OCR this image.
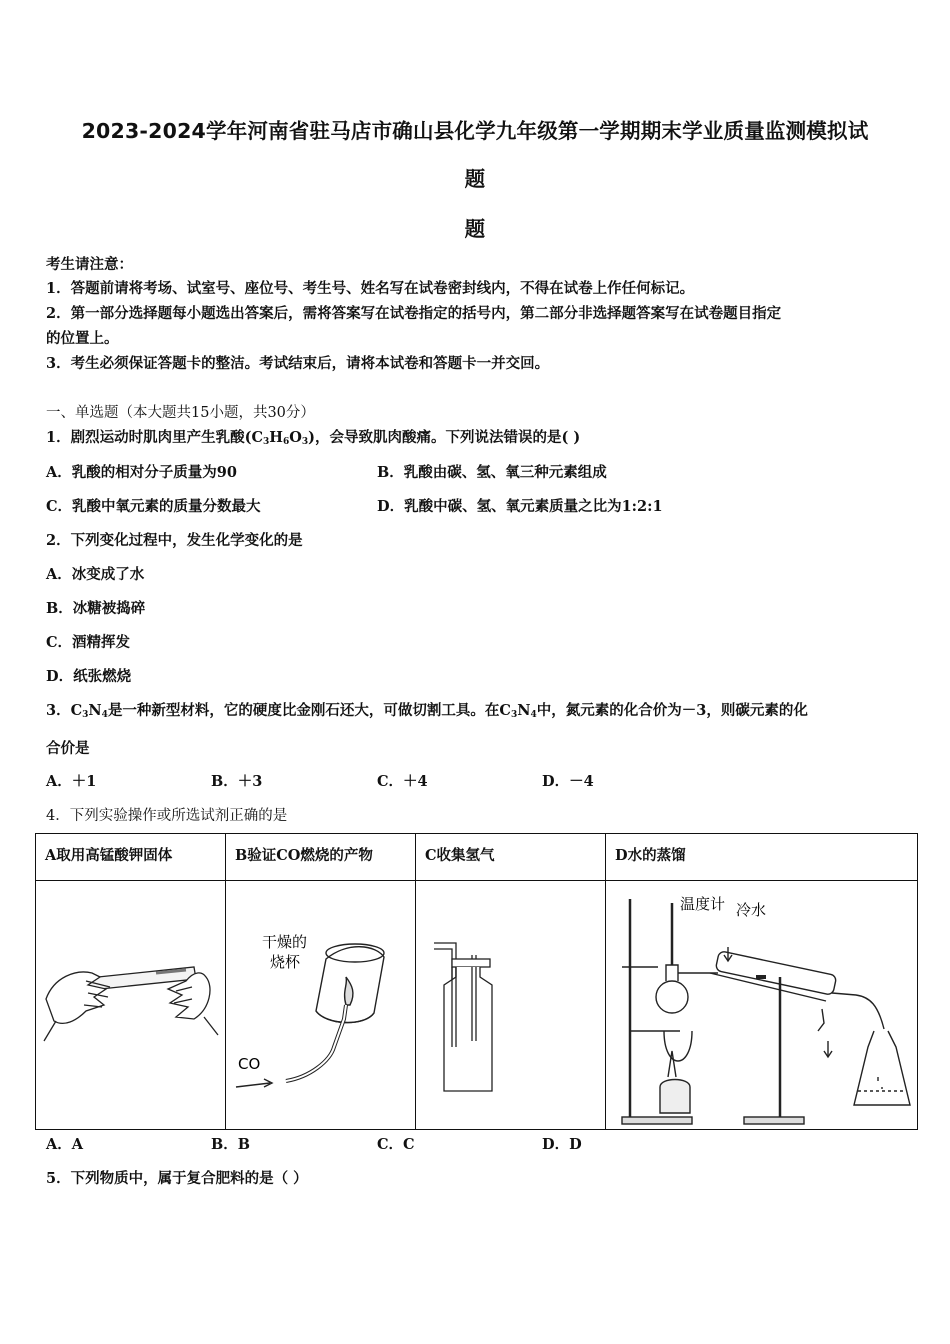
2023-2024学年河南省驻马店市确山县化学九年级第一学期期末学业质量监测模拟试
题
题
考生请注意：
1．答题前请将考场、试室号、座位号、考生号、姓名写在试卷密封线内，不得在试卷上作任何标记。
2．第一部分选择题每小题选出答案后，需将答案写在试卷指定的括号内，第二部分非选择题答案写在试卷题目指定
的位置上。
3．考生必须保证答题卡的整洁。考试结束后，请将本试卷和答题卡一并交回。
一、单选题（本大题共15小题，共30分）
1．剧烈运动时肌肉里产生乳酸$(C_3H_6O_3)$，会导致肌肉酸痛。下列说法错误的是( )
A．乳酸的相对分子质量为90	B．乳酸由碳、氢、氧三种元素组成
C．乳酸中氧元素的质量分数最大	D．乳酸中碳、氢、氧元素质量之比为1:2:1
2．下列变化过程中，发生化学变化的是
A．冰变成了水
B．冰糖被捣碎
C．酒精挥发
D．纸张燃烧
3．$C_3N_4$是一种新型材料，它的硬度比金刚石还大，可做切割工具。在$C_3N_4$中，氮元素的化合价为－3，则碳元素的化
合价是
A．＋1	B．＋3	C．＋4	D．－4
4．下列实验操作或所选试剂正确的是
A取用高锰酸钾固体	B验证CO燃烧的产物	C收集氢气	D水的蒸馏

干燥的
烧杯
CO		温度计 冷水
A．A	B．B	C．C	D．D
5．下列物质中，属于复合肥料的是（ ）
